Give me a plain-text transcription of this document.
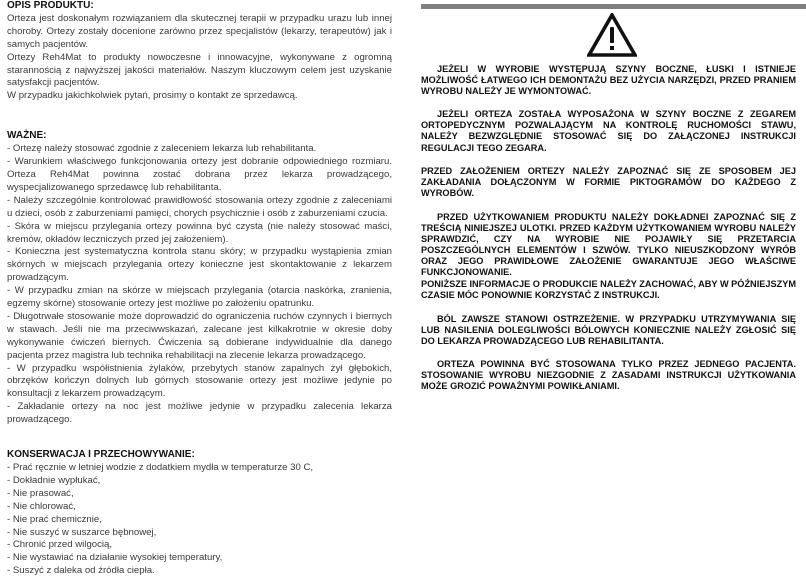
OPIS PRODUKTU:

Orteza jest doskonałym rozwiązaniem dla skutecznej terapii w przypadku urazu lub innej choroby. Ortezy zostały docenione zarówno przez specjalistów (lekarzy, terapeutów) jak i samych pacjentów.

Ortezy Reh4Mat to produkty nowoczesne i innowacyjne, wykonywane z ogromną starannością z najwyższej jakości materiałów. Naszym kluczowym celem jest uzyskanie satysfakcji pacjentów.

W przypadku jakichkolwiek pytań, prosimy o kontakt ze sprzedawcą.

WAŻNE:

- Ortezę należy stosować zgodnie z zaleceniem lekarza lub rehabilitanta.

- Warunkiem właściwego funkcjonowania ortezy jest dobranie odpowiedniego rozmiaru. Orteza Reh4Mat powinna zostać dobrana przez lekarza prowadzącego, wyspecjalizowanego sprzedawcę lub rehabilitanta.

- Należy szczególnie kontrolować prawidłowość stosowania ortezy zgodnie z zaleceniami u dzieci, osób z zaburzeniami pamięci, chorych psychicznie i osób z zaburzeniami czucia.

- Skóra w miejscu przylegania ortezy powinna być czysta (nie należy stosować maści, kremów, okładów leczniczych przed jej założeniem).

- Konieczna jest systematyczna kontrola stanu skóry; w przypadku wystąpienia zmian skórnych w miejscach przylegania ortezy konieczne jest skontaktowanie z lekarzem prowadzącym.

- W przypadku zmian na skórze w miejscach przylegania (otarcia naskórka, zranienia, egzemy skórne) stosowanie ortezy jest możliwe po założeniu opatrunku.

- Długotrwałe stosowanie może doprowadzić do ograniczenia ruchów czynnych i biernych w stawach. Jeśli nie ma przeciwwskazań, zalecane jest kilkakrotnie w okresie doby wykonywanie ćwiczeń biernych. Ćwiczenia są dobierane indywidualnie dla danego pacjenta przez magistra lub technika rehabilitacji na zlecenie lekarza prowadzącego.

- W przypadku współistnienia żylaków, przebytych stanów zapalnych żył głębokich, obrzęków kończyn dolnych lub górnych stosowanie ortezy jest możliwe jedynie po konsultacji z lekarzem prowadzącym.

- Zakładanie ortezy na noc jest możliwe jedynie w przypadku zalecenia lekarza prowadzącego.

KONSERWACJA I PRZECHOWYWANIE:

- Prać ręcznie w letniej wodzie z dodatkiem mydła w temperaturze 30 C,

- Dokładnie wypłukać,

- Nie prasować,

- Nie chlorować,

- Nie prać chemicznie,

- Nie suszyć w suszarce bębnowej,

- Chronić przed wilgocią,

- Nie wystawiać na działanie wysokiej temperatury,

- Suszyć z daleka od źródła ciepła.

JEŻELI W WYROBIE WYSTĘPUJĄ SZYNY BOCZNE, ŁUSKI I ISTNIEJE MOŻLIWOŚĆ ŁATWEGO ICH DEMONTAŻU BEZ UŻYCIA NARZĘDZI, PRZED PRANIEM WYROBU NALEŻY JE WYMONTOWAĆ.

JEŻELI ORTEZA ZOSTAŁA WYPOSAŻONA W SZYNY BOCZNE Z ZEGAREM ORTOPEDYCZNYM POZWALAJĄCYM NA KONTROLĘ RUCHOMOŚCI STAWU, NALEŻY BEZWZGLĘDNIE STOSOWAĆ SIĘ DO ZAŁĄCZONEJ INSTRUKCJI REGULACJI TEGO ZEGARA.

PRZED ZAŁOŻENIEM ORTEZY NALEŻY ZAPOZNAĆ SIĘ ZE SPOSOBEM JEJ ZAKŁADANIA DOŁĄCZONYM W FORMIE PIKTOGRAMÓW DO KAŻDEGO Z WYROBÓW.

PRZED UŻYTKOWANIEM PRODUKTU NALEŻY DOKŁADNEI ZAPOZNAĆ SIĘ Z TREŚCIĄ NINIEJSZEJ ULOTKI. PRZED KAŻDYM UŻYTKOWANIEM WYROBU NALEŻY SPRAWDZIĆ, CZY NA WYROBIE NIE POJAWIŁY SIĘ PRZETARCIA POSZCZEGÓLNYCH ELEMENTÓW I SZWÓW. TYLKO NIEUSZKODZONY WYRÓB ORAZ JEGO PRAWIDŁOWE ZAŁOŻENIE GWARANTUJE JEGO WŁAŚCIWE FUNKCJONOWANIE.

PONIŻSZE INFORMACJE O PRODUKCIE NALEŻY ZACHOWAĆ, ABY W PÓŹNIEJSZYM CZASIE MÓC PONOWNIE KORZYSTAĆ Z INSTRUKCJI.

BÓL ZAWSZE STANOWI OSTRZEŻENIE. W PRZYPADKU UTRZYMYWANIA SIĘ LUB NASILENIA DOLEGLIWOŚCI BÓLOWYCH KONIECZNIE NALEŻY ZGŁOSIĆ SIĘ DO LEKARZA PROWADZĄCEGO LUB REHABILITANTA.

ORTEZA POWINNA BYĆ STOSOWANA TYLKO PRZEZ JEDNEGO PACJENTA. STOSOWANIE WYROBU NIEZGODNIE Z ZASADAMI INSTRUKCJI UŻYTKOWANIA MOŻE GROZIĆ POWAŻNYMI POWIKŁANIAMI.
